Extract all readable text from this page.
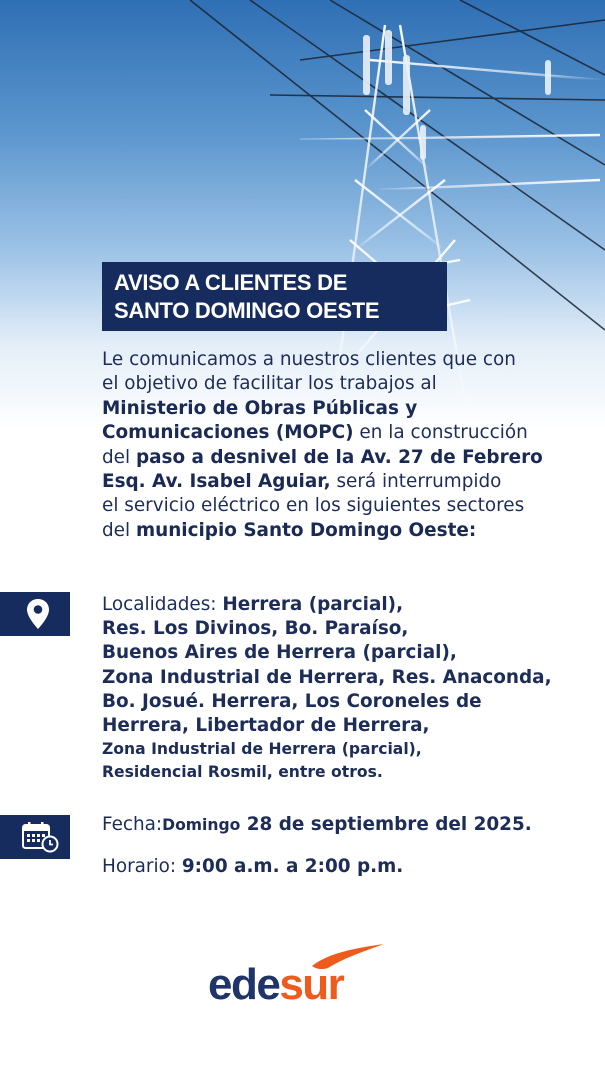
AVISO A CLIENTES DE
SANTO DOMINGO OESTE
Le comunicamos a nuestros clientes que con
el objetivo de facilitar los trabajos al
Ministerio de Obras Públicas y
Comunicaciones (MOPC) en la construcción
del paso a desnivel de la Av. 27 de Febrero
Esq. Av. Isabel Aguiar, será interrumpido
el servicio eléctrico en los siguientes sectores
del municipio Santo Domingo Oeste:
Localidades: Herrera (parcial),
Res. Los Divinos, Bo. Paraíso,
Buenos Aires de Herrera (parcial),
Zona Industrial de Herrera, Res. Anaconda,
Bo. Josué. Herrera, Los Coroneles de
Herrera, Libertador de Herrera,
Zona Industrial de Herrera (parcial),
Residencial Rosmil, entre otros.
Fecha:Domingo 28 de septiembre del 2025.
Horario: 9:00 a.m. a 2:00 p.m.
edesur
